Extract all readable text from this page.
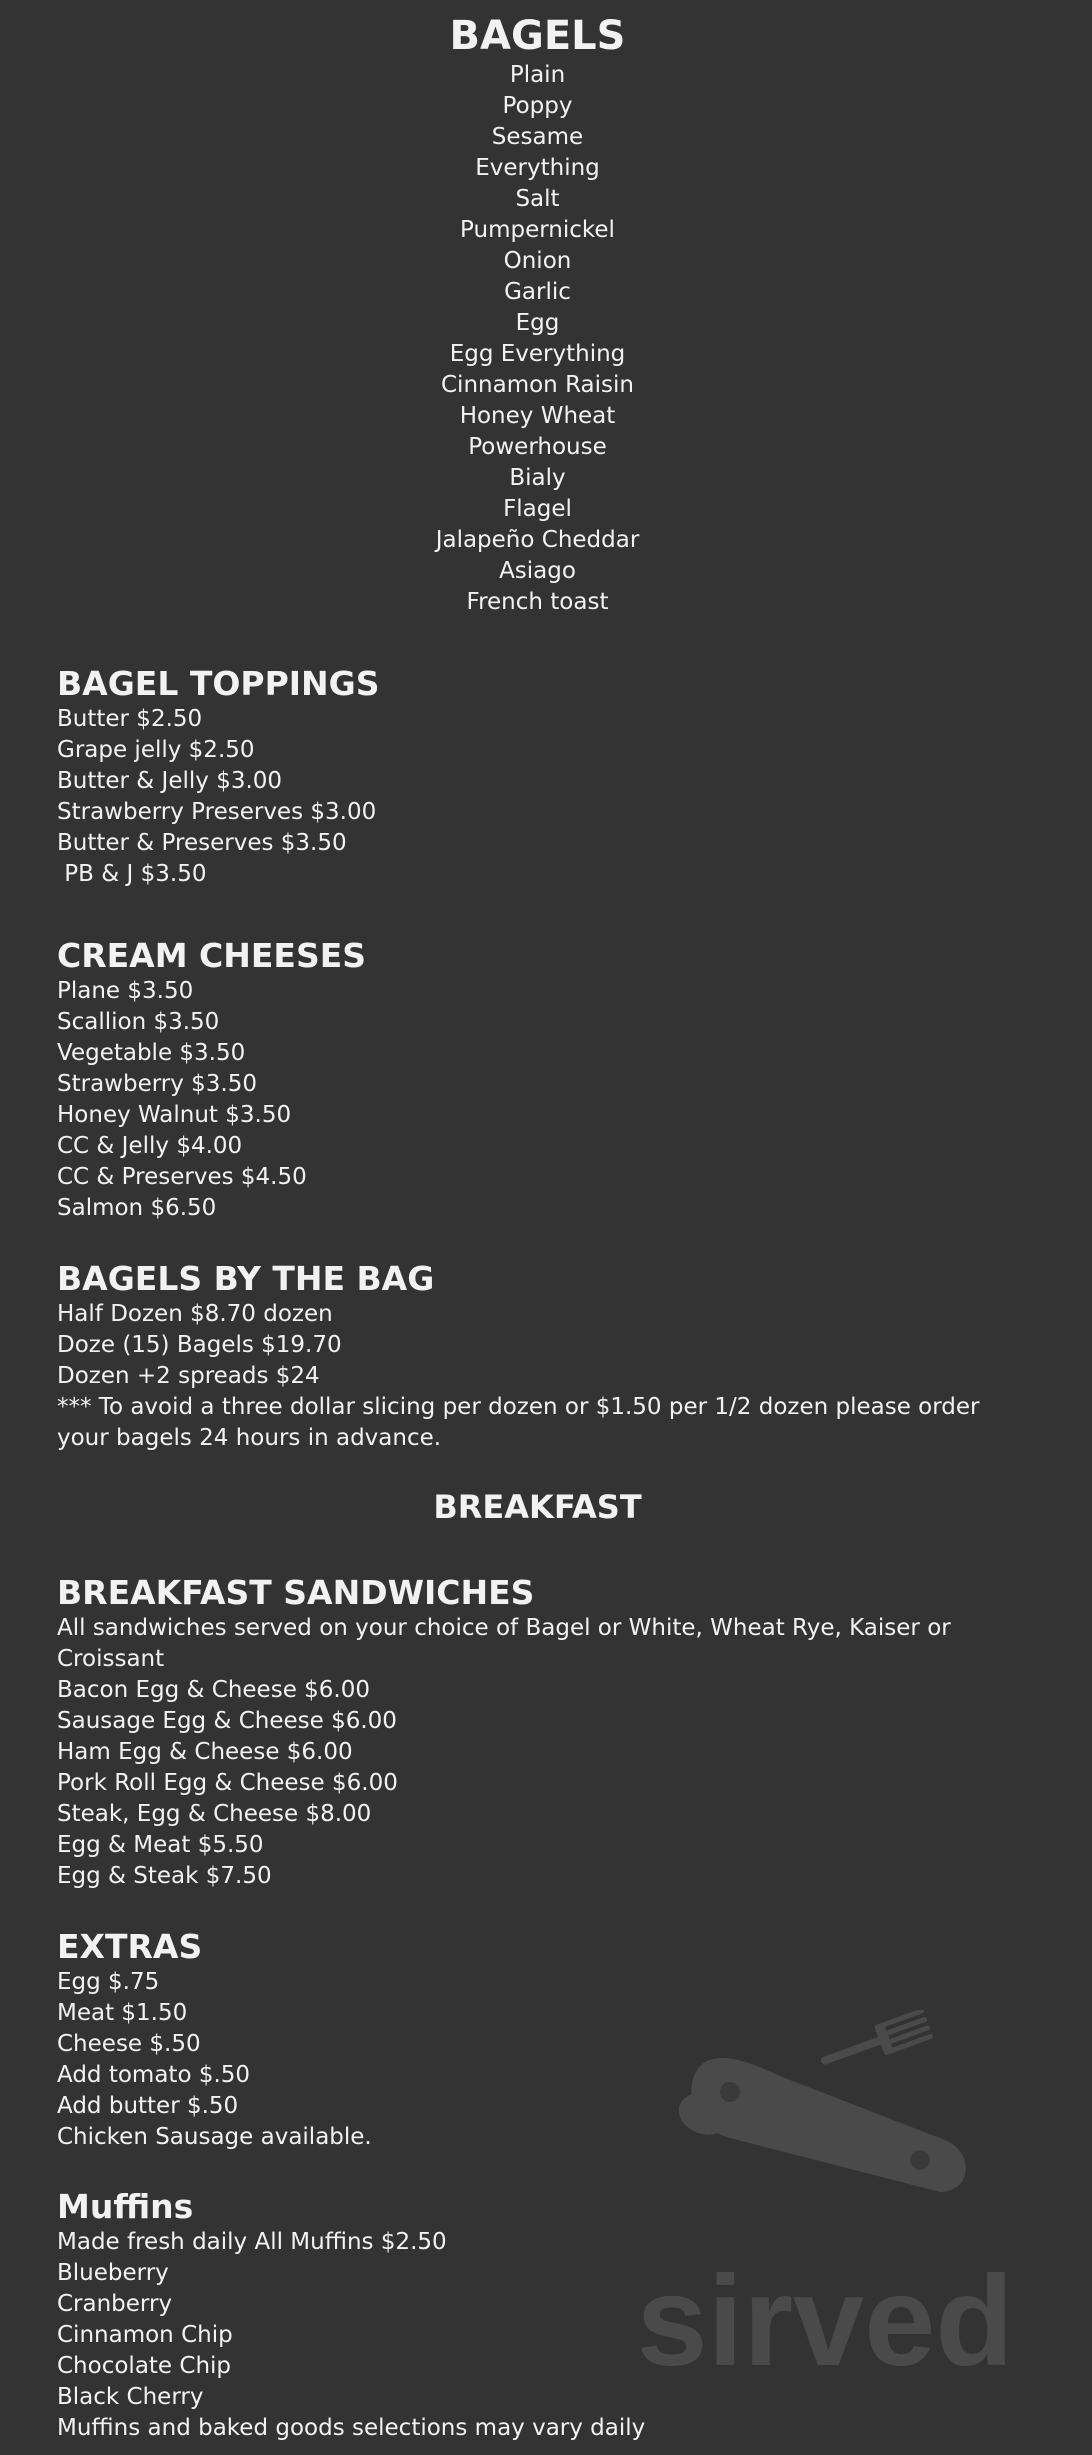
BAGELS
Plain
Poppy
Sesame
Everything
Salt
Pumpernickel
Onion
Garlic
Egg
Egg Everything
Cinnamon Raisin
Honey Wheat
Powerhouse
Bialy
Flagel
Jalapeño Cheddar
Asiago
French toast
BAGEL TOPPINGS
Butter $2.50
Grape jelly $2.50
Butter & Jelly $3.00
Strawberry Preserves $3.00
Butter & Preserves $3.50
PB & J $3.50
CREAM CHEESES
Plane $3.50
Scallion $3.50
Vegetable $3.50
Strawberry $3.50
Honey Walnut $3.50
CC & Jelly $4.00
CC & Preserves $4.50
Salmon $6.50
BAGELS BY THE BAG
Half Dozen $8.70 dozen
Doze (15) Bagels $19.70
Dozen +2 spreads $24
*** To avoid a three dollar slicing per dozen or $1.50 per 1/2 dozen please order your bagels 24 hours in advance.
BREAKFAST
BREAKFAST SANDWICHES
All sandwiches served on your choice of Bagel or White, Wheat Rye, Kaiser or Croissant
Bacon Egg & Cheese $6.00
Sausage Egg & Cheese $6.00
Ham Egg & Cheese $6.00
Pork Roll Egg & Cheese $6.00
Steak, Egg & Cheese $8.00
Egg & Meat $5.50
Egg & Steak $7.50
EXTRAS
Egg $.75
Meat $1.50
Cheese $.50
Add tomato $.50
Add butter $.50
Chicken Sausage available.
Muffins
Made fresh daily All Muffins $2.50
Blueberry
Cranberry
Cinnamon Chip
Chocolate Chip
Black Cherry
Muffins and baked goods selections may vary daily
sirved
